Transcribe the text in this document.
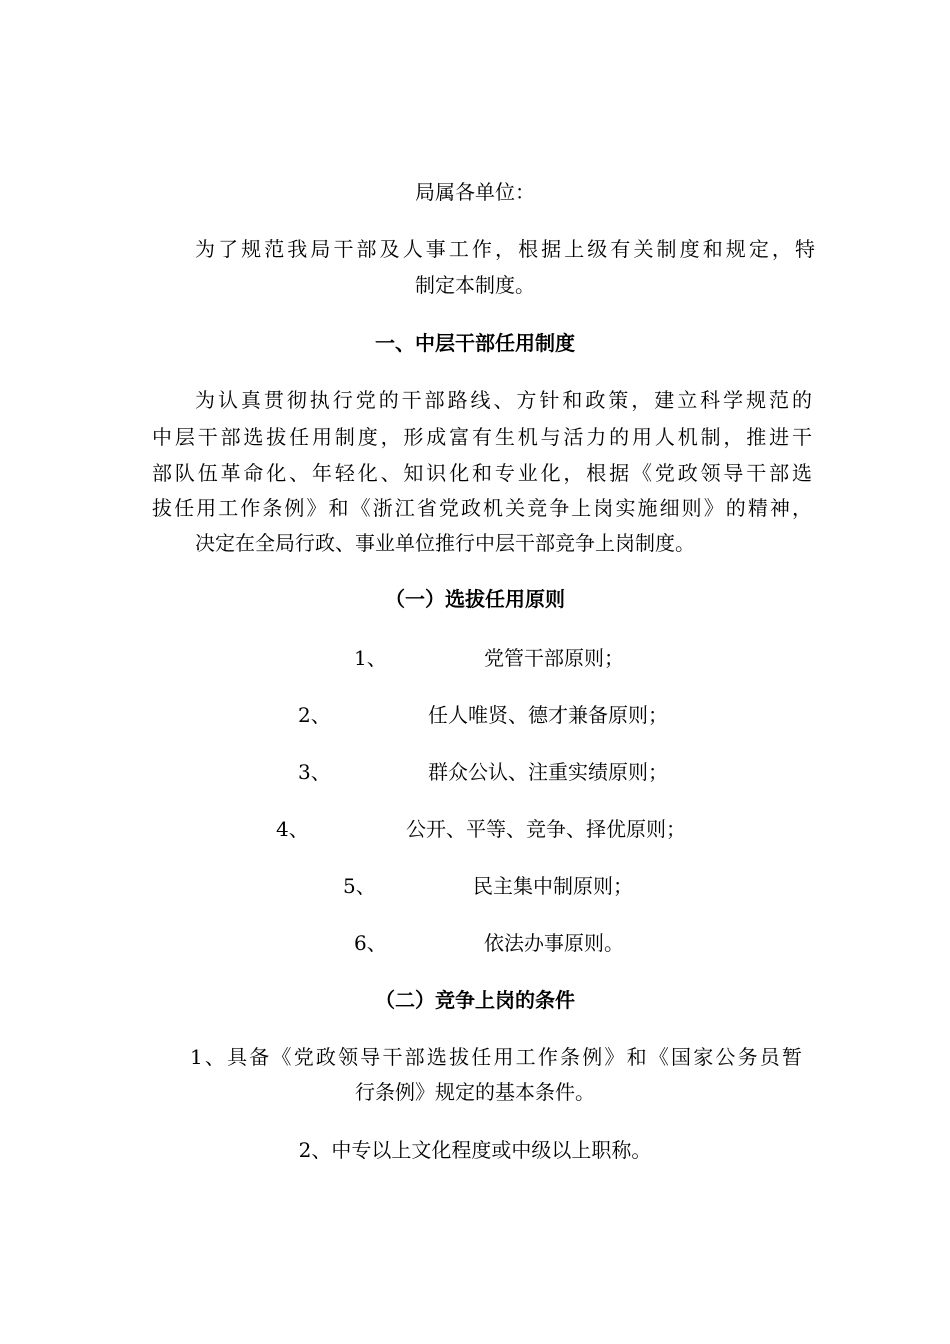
局属各单位：
为了规范我局干部及人事工作，根据上级有关制度和规定，特
制定本制度。
一、中层干部任用制度
为认真贯彻执行党的干部路线、方针和政策，建立科学规范的
中层干部选拔任用制度，形成富有生机与活力的用人机制，推进干
部队伍革命化、年轻化、知识化和专业化，根据《党政领导干部选
拔任用工作条例》和《浙江省党政机关竞争上岗实施细则》的精神，
决定在全局行政、事业单位推行中层干部竞争上岗制度。
（一）选拔任用原则
1、	党管干部原则；
2、	任人唯贤、德才兼备原则；
3、	群众公认、注重实绩原则；
4、	公开、平等、竞争、择优原则；
5、	民主集中制原则；
6、	依法办事原则。
（二）竞争上岗的条件
1、具备《党政领导干部选拔任用工作条例》和《国家公务员暂
行条例》规定的基本条件。
2、中专以上文化程度或中级以上职称。
